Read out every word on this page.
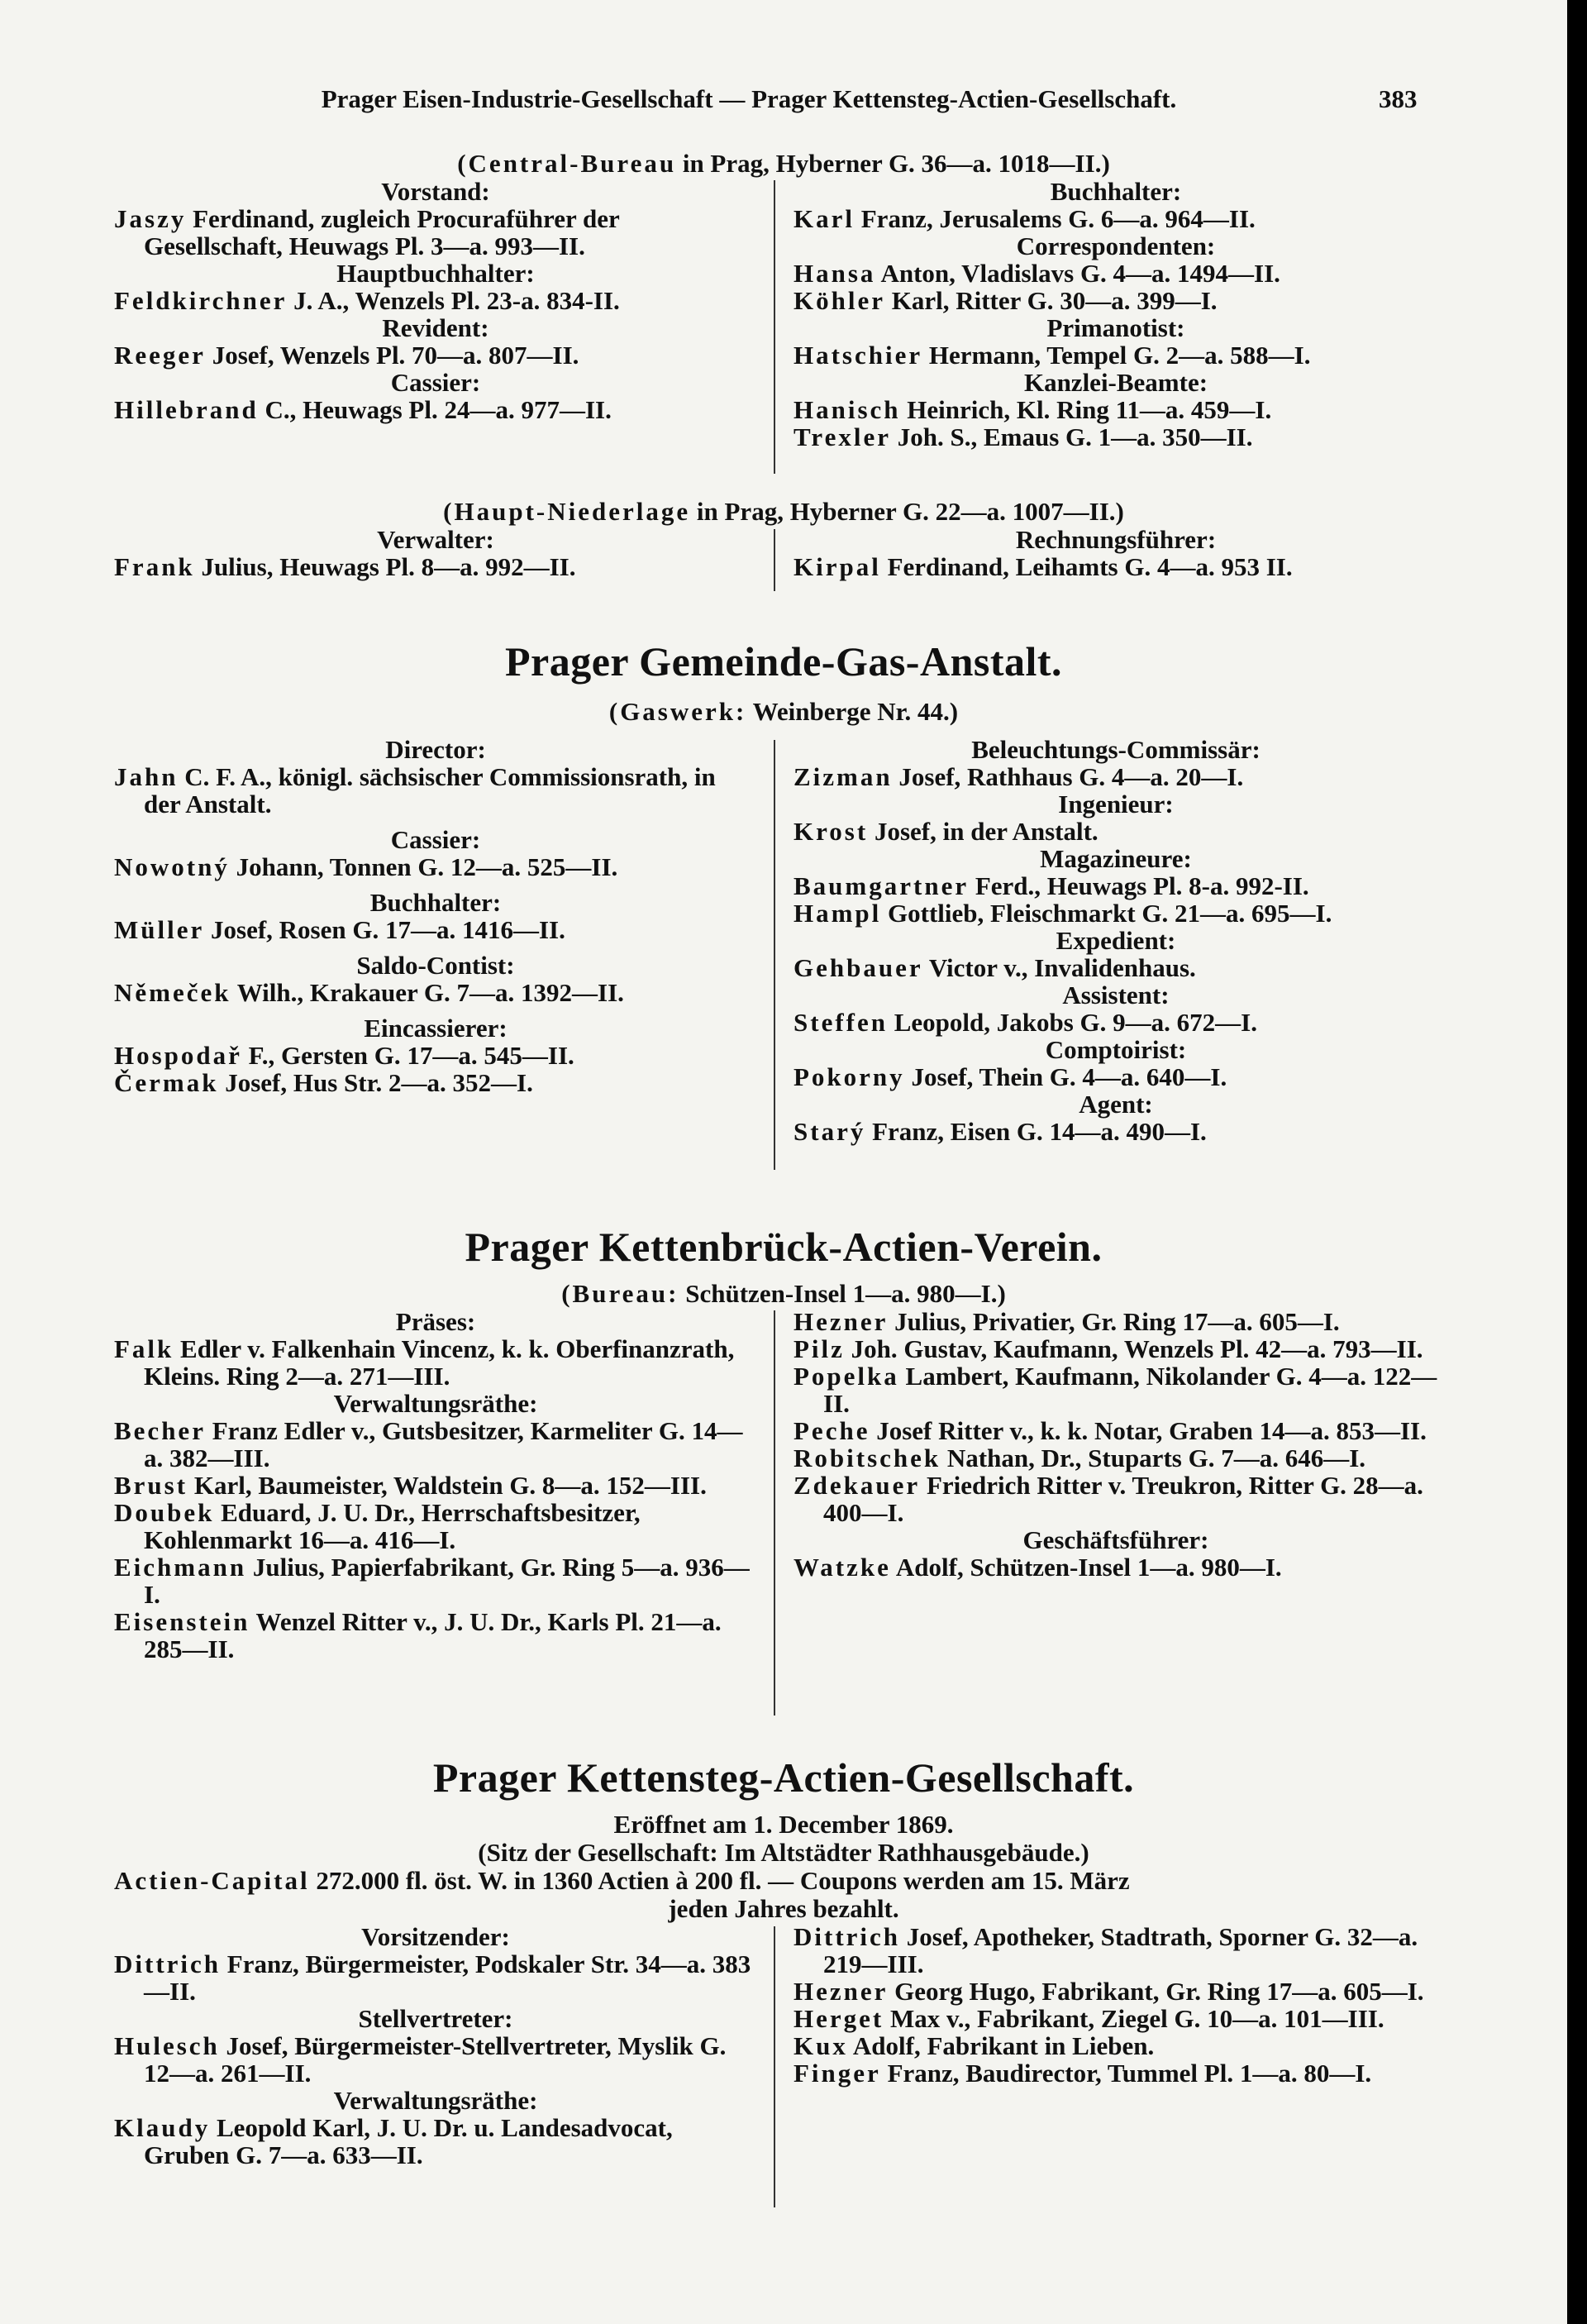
Prager Eisen-Industrie-Gesellschaft — Prager Kettensteg-Actien-Gesellschaft.	383
(Central-Bureau in Prag, Hyberner G. 36—a. 1018—II.)
Vorstand:
Jaszy Ferdinand, zugleich Procuraführer der Gesellschaft, Heuwags Pl. 3—a. 993—II.
Hauptbuchhalter:
Feldkirchner J. A., Wenzels Pl. 23-a. 834-II.
Revident:
Reeger Josef, Wenzels Pl. 70—a. 807—II.
Cassier:
Hillebrand C., Heuwags Pl. 24—a. 977—II.
Buchhalter:
Karl Franz, Jerusalems G. 6—a. 964—II.
Correspondenten:
Hansa Anton, Vladislavs G. 4—a. 1494—II.
Köhler Karl, Ritter G. 30—a. 399—I.
Primanotist:
Hatschier Hermann, Tempel G. 2—a. 588—I.
Kanzlei-Beamte:
Hanisch Heinrich, Kl. Ring 11—a. 459—I.
Trexler Joh. S., Emaus G. 1—a. 350—II.
(Haupt-Niederlage in Prag, Hyberner G. 22—a. 1007—II.)
Verwalter:
Frank Julius, Heuwags Pl. 8—a. 992—II.
Rechnungsführer:
Kirpal Ferdinand, Leihamts G. 4—a. 953 II.
Prager Gemeinde-Gas-Anstalt.
(Gaswerk: Weinberge Nr. 44.)
Director:
Jahn C. F. A., königl. sächsischer Commissionsrath, in der Anstalt.
Cassier:
Nowotný Johann, Tonnen G. 12—a. 525—II.
Buchhalter:
Müller Josef, Rosen G. 17—a. 1416—II.
Saldo-Contist:
Němeček Wilh., Krakauer G. 7—a. 1392—II.
Eincassierer:
Hospodař F., Gersten G. 17—a. 545—II.
Čermak Josef, Hus Str. 2—a. 352—I.
Beleuchtungs-Commissär:
Zizman Josef, Rathhaus G. 4—a. 20—I.
Ingenieur:
Krost Josef, in der Anstalt.
Magazineure:
Baumgartner Ferd., Heuwags Pl. 8-a. 992-II.
Hampl Gottlieb, Fleischmarkt G. 21—a. 695—I.
Expedient:
Gehbauer Victor v., Invalidenhaus.
Assistent:
Steffen Leopold, Jakobs G. 9—a. 672—I.
Comptoirist:
Pokorny Josef, Thein G. 4—a. 640—I.
Agent:
Starý Franz, Eisen G. 14—a. 490—I.
Prager Kettenbrück-Actien-Verein.
(Bureau: Schützen-Insel 1—a. 980—I.)
Präses:
Falk Edler v. Falkenhain Vincenz, k. k. Oberfinanzrath, Kleins. Ring 2—a. 271—III.
Verwaltungsräthe:
Becher Franz Edler v., Gutsbesitzer, Karmeliter G. 14—a. 382—III.
Brust Karl, Baumeister, Waldstein G. 8—a. 152—III.
Doubek Eduard, J. U. Dr., Herrschaftsbesitzer, Kohlenmarkt 16—a. 416—I.
Eichmann Julius, Papierfabrikant, Gr. Ring 5—a. 936—I.
Eisenstein Wenzel Ritter v., J. U. Dr., Karls Pl. 21—a. 285—II.
Hezner Julius, Privatier, Gr. Ring 17—a. 605—I.
Pilz Joh. Gustav, Kaufmann, Wenzels Pl. 42—a. 793—II.
Popelka Lambert, Kaufmann, Nikolander G. 4—a. 122—II.
Peche Josef Ritter v., k. k. Notar, Graben 14—a. 853—II.
Robitschek Nathan, Dr., Stuparts G. 7—a. 646—I.
Zdekauer Friedrich Ritter v. Treukron, Ritter G. 28—a. 400—I.
Geschäftsführer:
Watzke Adolf, Schützen-Insel 1—a. 980—I.
Prager Kettensteg-Actien-Gesellschaft.
Eröffnet am 1. December 1869.
(Sitz der Gesellschaft: Im Altstädter Rathhausgebäude.)
Actien-Capital 272.000 fl. öst. W. in 1360 Actien à 200 fl. — Coupons werden am 15. März
jeden Jahres bezahlt.
Vorsitzender:
Dittrich Franz, Bürgermeister, Podskaler Str. 34—a. 383—II.
Stellvertreter:
Hulesch Josef, Bürgermeister-Stellvertreter, Myslik G. 12—a. 261—II.
Verwaltungsräthe:
Klaudy Leopold Karl, J. U. Dr. u. Landesadvocat, Gruben G. 7—a. 633—II.
Dittrich Josef, Apotheker, Stadtrath, Sporner G. 32—a. 219—III.
Hezner Georg Hugo, Fabrikant, Gr. Ring 17—a. 605—I.
Herget Max v., Fabrikant, Ziegel G. 10—a. 101—III.
Kux Adolf, Fabrikant in Lieben.
Finger Franz, Baudirector, Tummel Pl. 1—a. 80—I.
